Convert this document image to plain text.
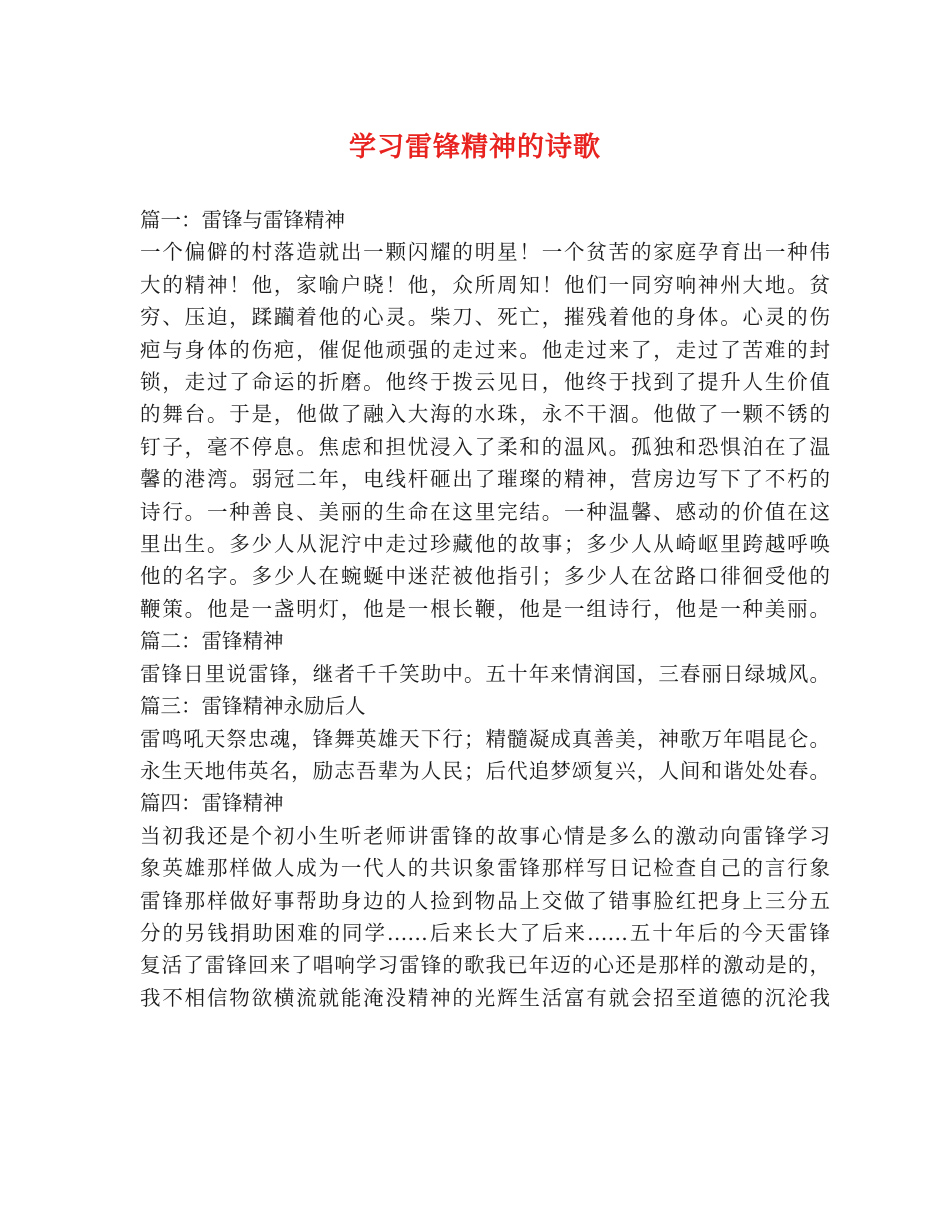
学习雷锋精神的诗歌
篇一：雷锋与雷锋精神
一个偏僻的村落造就出一颗闪耀的明星！一个贫苦的家庭孕育出一种伟
大的精神！他，家喻户晓！他，众所周知！他们一同穷响神州大地。贫
穷、压迫，蹂躏着他的心灵。柴刀、死亡，摧残着他的身体。心灵的伤
疤与身体的伤疤，催促他顽强的走过来。他走过来了，走过了苦难的封
锁，走过了命运的折磨。他终于拨云见日，他终于找到了提升人生价值
的舞台。于是，他做了融入大海的水珠，永不干涸。他做了一颗不锈的
钉子，毫不停息。焦虑和担忧浸入了柔和的温风。孤独和恐惧泊在了温
馨的港湾。弱冠二年，电线杆砸出了璀璨的精神，营房边写下了不朽的
诗行。一种善良、美丽的生命在这里完结。一种温馨、感动的价值在这
里出生。多少人从泥泞中走过珍藏他的故事；多少人从崎岖里跨越呼唤
他的名字。多少人在蜿蜒中迷茫被他指引；多少人在岔路口徘徊受他的
鞭策。他是一盏明灯，他是一根长鞭，他是一组诗行，他是一种美丽。
篇二：雷锋精神
雷锋日里说雷锋，继者千千笑助中。五十年来情润国，三春丽日绿城风。
篇三：雷锋精神永励后人
雷鸣吼天祭忠魂，锋舞英雄天下行；精髓凝成真善美，神歌万年唱昆仑。
永生天地伟英名，励志吾辈为人民；后代追梦颂复兴，人间和谐处处春。
篇四：雷锋精神
当初我还是个初小生听老师讲雷锋的故事心情是多么的激动向雷锋学习
象英雄那样做人成为一代人的共识象雷锋那样写日记检查自己的言行象
雷锋那样做好事帮助身边的人捡到物品上交做了错事脸红把身上三分五
分的另钱捐助困难的同学……后来长大了后来……五十年后的今天雷锋
复活了雷锋回来了唱响学习雷锋的歌我已年迈的心还是那样的激动是的，
我不相信物欲横流就能淹没精神的光辉生活富有就会招至道德的沉沦我
